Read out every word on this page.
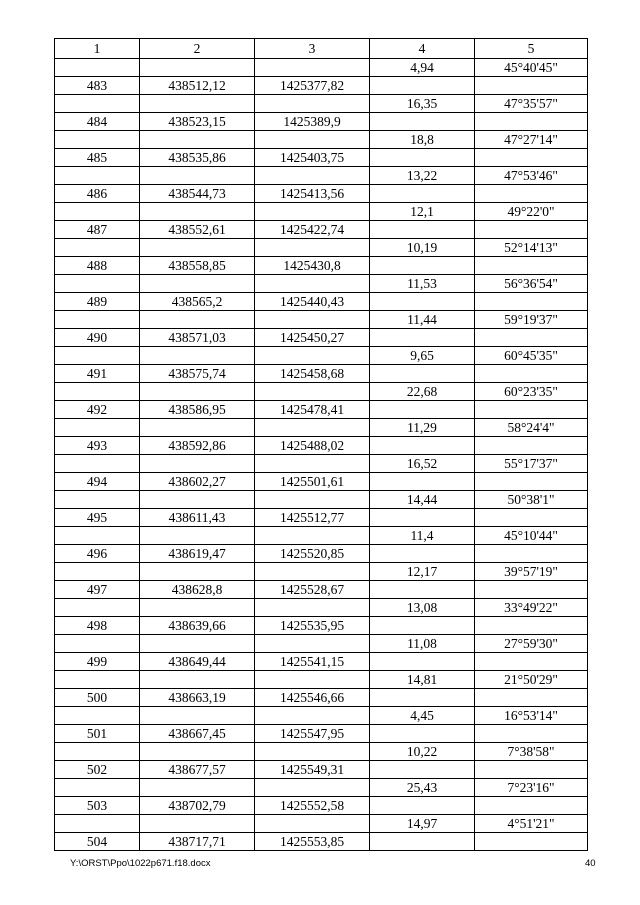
1	2	3	4	5
			4,94	45°40'45"
483	438512,12	1425377,82		
			16,35	47°35'57"
484	438523,15	1425389,9		
			18,8	47°27'14"
485	438535,86	1425403,75		
			13,22	47°53'46"
486	438544,73	1425413,56		
			12,1	49°22'0"
487	438552,61	1425422,74		
			10,19	52°14'13"
488	438558,85	1425430,8		
			11,53	56°36'54"
489	438565,2	1425440,43		
			11,44	59°19'37"
490	438571,03	1425450,27		
			9,65	60°45'35"
491	438575,74	1425458,68		
			22,68	60°23'35"
492	438586,95	1425478,41		
			11,29	58°24'4"
493	438592,86	1425488,02		
			16,52	55°17'37"
494	438602,27	1425501,61		
			14,44	50°38'1"
495	438611,43	1425512,77		
			11,4	45°10'44"
496	438619,47	1425520,85		
			12,17	39°57'19"
497	438628,8	1425528,67		
			13,08	33°49'22"
498	438639,66	1425535,95		
			11,08	27°59'30"
499	438649,44	1425541,15		
			14,81	21°50'29"
500	438663,19	1425546,66		
			4,45	16°53'14"
501	438667,45	1425547,95		
			10,22	7°38'58"
502	438677,57	1425549,31		
			25,43	7°23'16"
503	438702,79	1425552,58		
			14,97	4°51'21"
504	438717,71	1425553,85		
Y:\ORST\Ppo\1022p671.f18.docx	40
